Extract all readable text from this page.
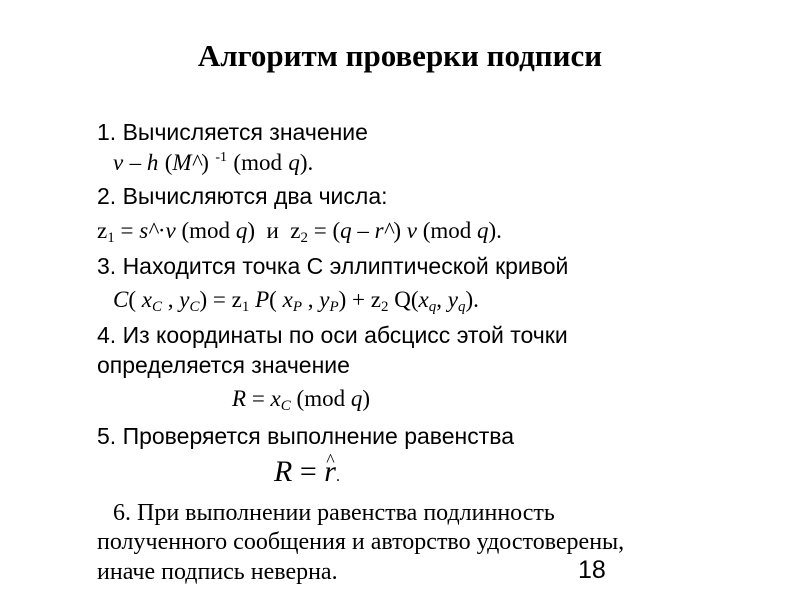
Алгоритм проверки подписи
1. Вычисляется значение
v – h (M^) $^{-1}$ (mod q).
2. Вычисляются два числа:
$z_1$ = s^·v (mod q) и $z_2 = (q$ – r^) v (mod q).
3. Находится точка С эллиптической кривой
C( $x_C$ , $y_C) = z_1$ P( $x_P$ , $y_P) + z_2$ $Q(x_q$, $y_q$).
4. Из координаты по оси абсцисс этой точки
определяется значение
$R = x_C$ (mod q)
5. Проверяется выполнение равенства
R = r ^.
6. При выполнении равенства подлинность
полученного сообщения и авторство удостоверены,
иначе подпись неверна.	18
